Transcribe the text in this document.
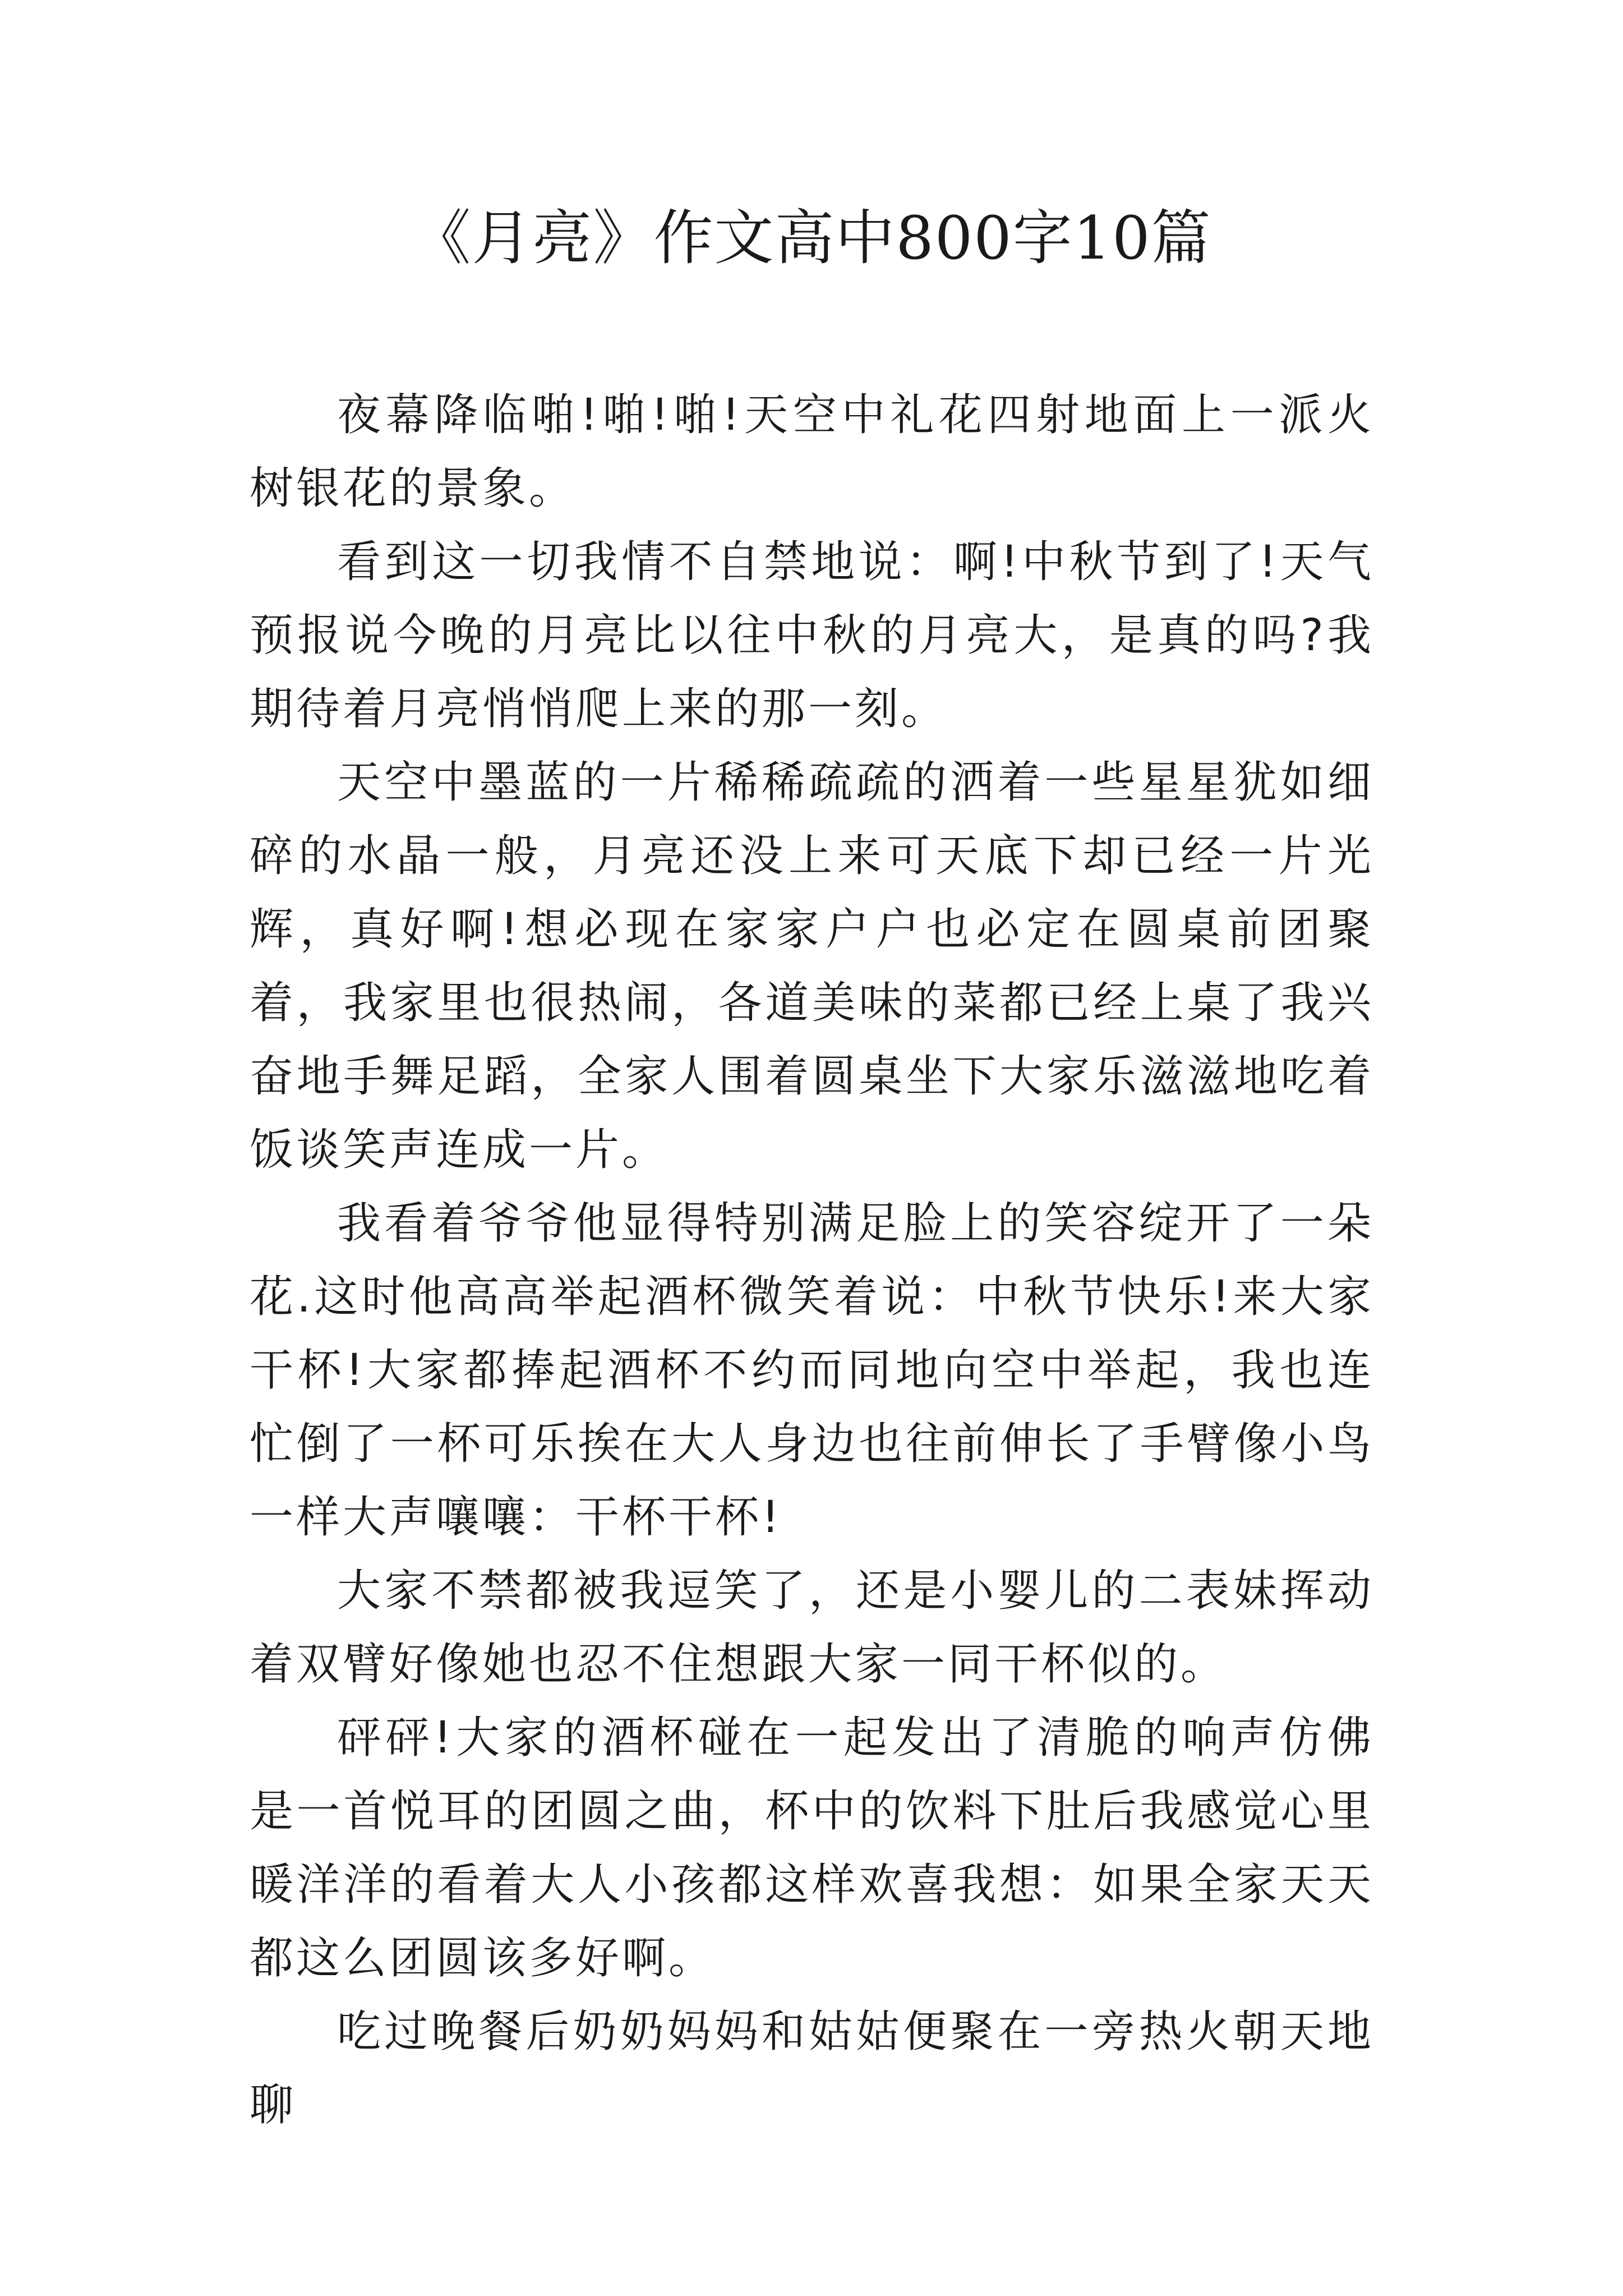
《月亮》作文高中800字10篇

夜幕降临啪!啪!啪!天空中礼花四射地面上一派火树银花的景象。

看到这一切我情不自禁地说：啊!中秋节到了!天气预报说今晚的月亮比以往中秋的月亮大，是真的吗?我期待着月亮悄悄爬上来的那一刻。

天空中墨蓝的一片稀稀疏疏的洒着一些星星犹如细碎的水晶一般，月亮还没上来可天底下却已经一片光辉，真好啊!想必现在家家户户也必定在圆桌前团聚着，我家里也很热闹，各道美味的菜都已经上桌了我兴奋地手舞足蹈，全家人围着圆桌坐下大家乐滋滋地吃着饭谈笑声连成一片。

我看着爷爷他显得特别满足脸上的笑容绽开了一朵花.这时他高高举起酒杯微笑着说：中秋节快乐!来大家干杯!大家都捧起酒杯不约而同地向空中举起，我也连忙倒了一杯可乐挨在大人身边也往前伸长了手臂像小鸟一样大声嚷嚷：干杯干杯!

大家不禁都被我逗笑了，还是小婴儿的二表妹挥动着双臂好像她也忍不住想跟大家一同干杯似的。

砰砰!大家的酒杯碰在一起发出了清脆的响声仿佛是一首悦耳的团圆之曲，杯中的饮料下肚后我感觉心里暖洋洋的看着大人小孩都这样欢喜我想：如果全家天天都这么团圆该多好啊。

吃过晚餐后奶奶妈妈和姑姑便聚在一旁热火朝天地聊
